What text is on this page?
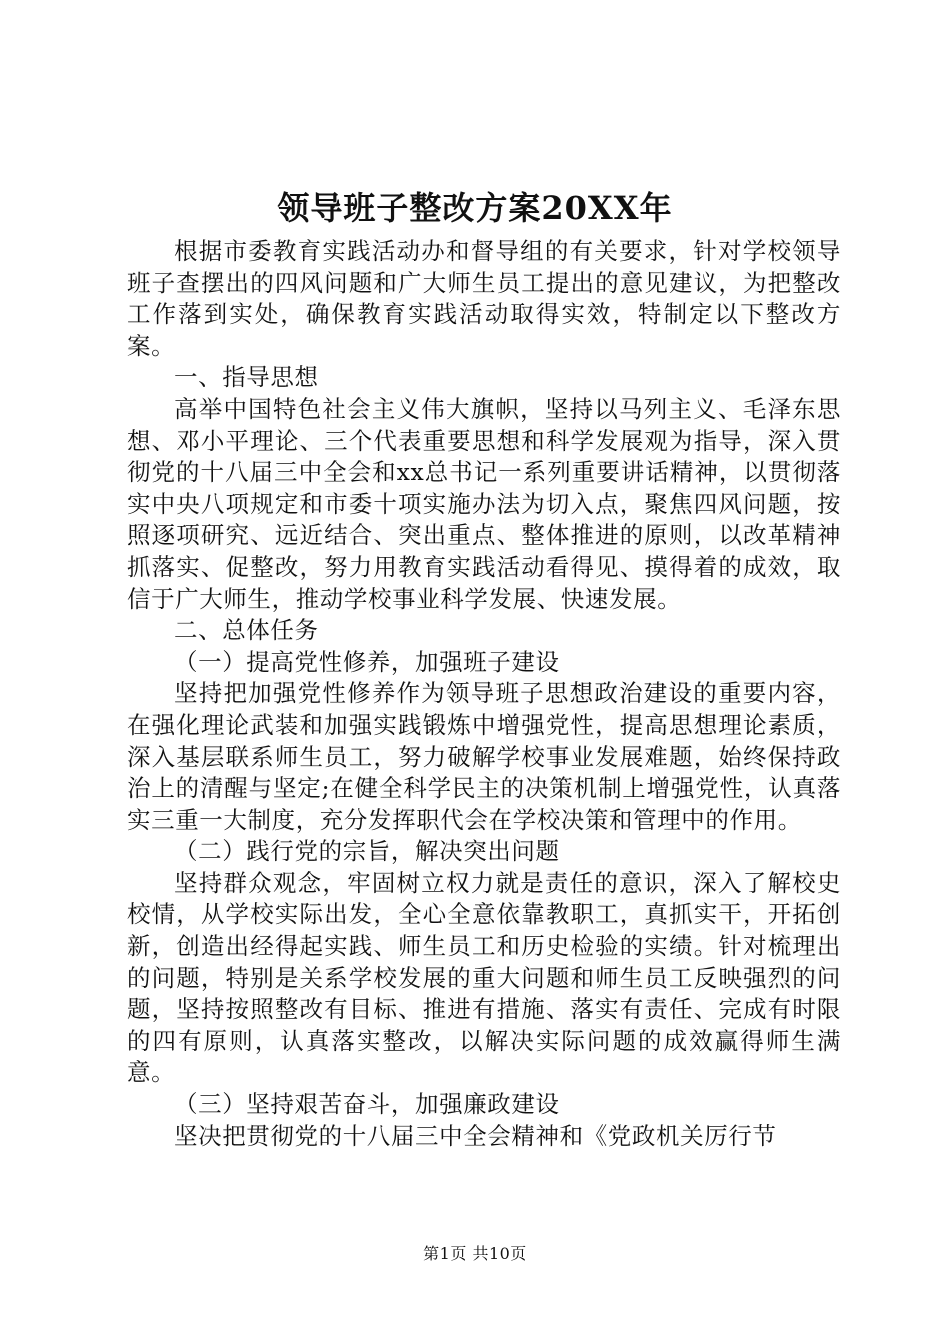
领导班子整改方案20XX年

根据市委教育实践活动办和督导组的有关要求，针对学校领导班子查摆出的四风问题和广大师生员工提出的意见建议，为把整改工作落到实处，确保教育实践活动取得实效，特制定以下整改方案。

一、指导思想

高举中国特色社会主义伟大旗帜，坚持以马列主义、毛泽东思想、邓小平理论、三个代表重要思想和科学发展观为指导，深入贯彻党的十八届三中全会和xx总书记一系列重要讲话精神，以贯彻落实中央八项规定和市委十项实施办法为切入点，聚焦四风问题，按照逐项研究、远近结合、突出重点、整体推进的原则，以改革精神抓落实、促整改，努力用教育实践活动看得见、摸得着的成效，取信于广大师生，推动学校事业科学发展、快速发展。

二、总体任务

（一）提高党性修养，加强班子建设

坚持把加强党性修养作为领导班子思想政治建设的重要内容，在强化理论武装和加强实践锻炼中增强党性，提高思想理论素质，深入基层联系师生员工，努力破解学校事业发展难题，始终保持政治上的清醒与坚定;在健全科学民主的决策机制上增强党性，认真落实三重一大制度，充分发挥职代会在学校决策和管理中的作用。

（二）践行党的宗旨，解决突出问题

坚持群众观念，牢固树立权力就是责任的意识，深入了解校史校情，从学校实际出发，全心全意依靠教职工，真抓实干，开拓创新，创造出经得起实践、师生员工和历史检验的实绩。针对梳理出的问题，特别是关系学校发展的重大问题和师生员工反映强烈的问题，坚持按照整改有目标、推进有措施、落实有责任、完成有时限的四有原则，认真落实整改，以解决实际问题的成效赢得师生满意。

（三）坚持艰苦奋斗，加强廉政建设

坚决把贯彻党的十八届三中全会精神和《党政机关厉行节

第1页 共10页
